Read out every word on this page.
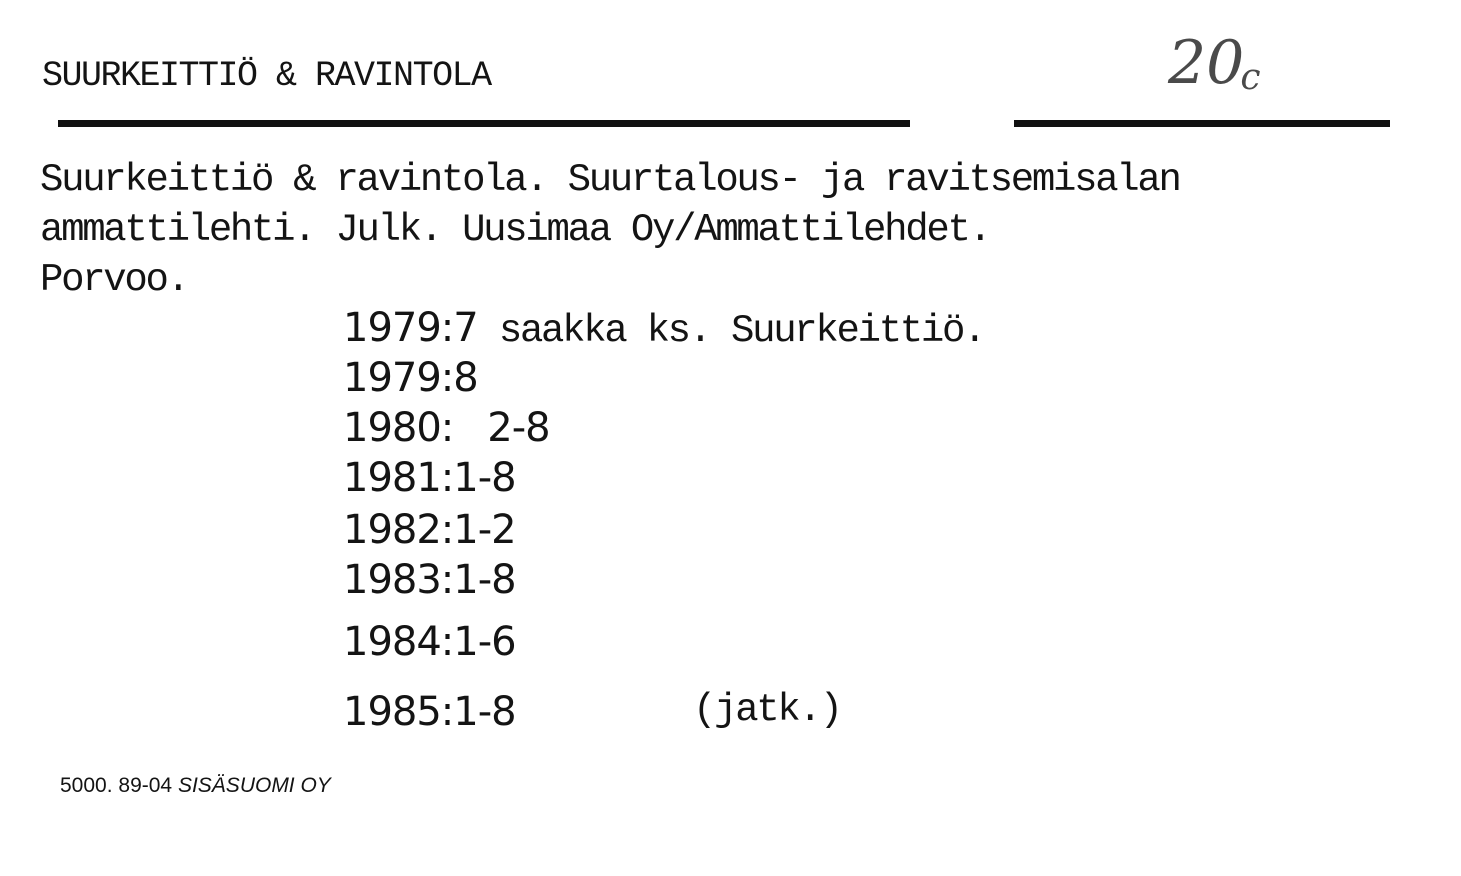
SUURKEITTIÖ & RAVINTOLA	20c
Suurkeittiö & ravintola. Suurtalous- ja ravitsemisalan
ammattilehti. Julk. Uusimaa Oy/Ammattilehdet.
Porvoo.
1979:7 saakka ks. Suurkeittiö.
1979:8
1980: 2-8
1981:1-8
1982:1-2
1983:1-8
1984:1-6
1985:1-8	(jatk.)
5000. 89-04 SISÄSUOMI OY
